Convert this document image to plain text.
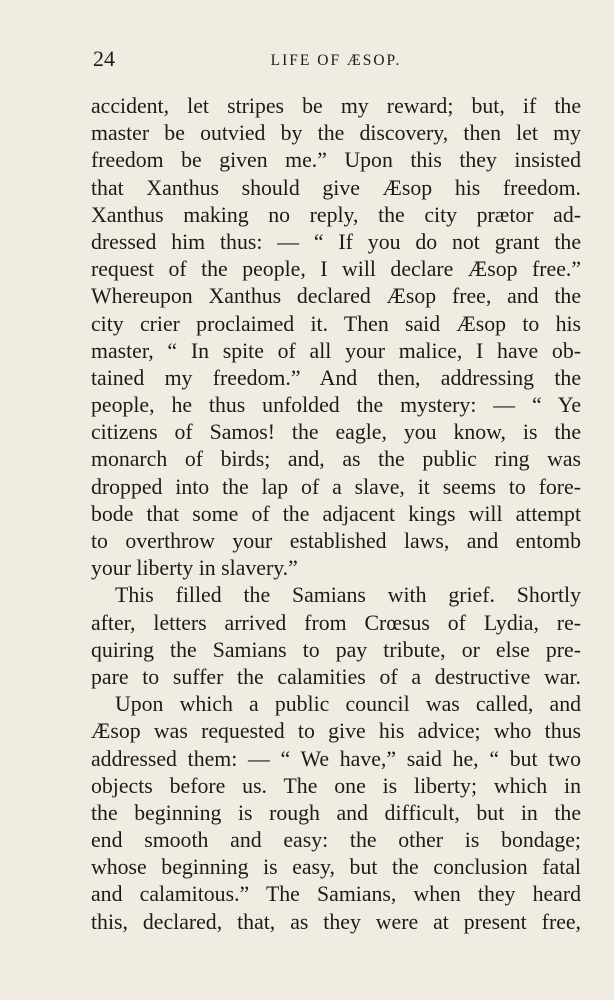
24	LIFE OF ÆSOP.
accident, let stripes be my reward; but, if the
master be outvied by the discovery, then let my
freedom be given me.” Upon this they insisted
that Xanthus should give Æsop his freedom.
Xanthus making no reply, the city prætor ad-
dressed him thus: — “ If you do not grant the
request of the people, I will declare Æsop free.”
Whereupon Xanthus declared Æsop free, and the
city crier proclaimed it. Then said Æsop to his
master, “ In spite of all your malice, I have ob-
tained my freedom.” And then, addressing the
people, he thus unfolded the mystery: — “ Ye
citizens of Samos! the eagle, you know, is the
monarch of birds; and, as the public ring was
dropped into the lap of a slave, it seems to fore-
bode that some of the adjacent kings will attempt
to overthrow your established laws, and entomb
your liberty in slavery.”
This filled the Samians with grief. Shortly
after, letters arrived from Crœsus of Lydia, re-
quiring the Samians to pay tribute, or else pre-
pare to suffer the calamities of a destructive war.
Upon which a public council was called, and
Æsop was requested to give his advice; who thus
addressed them: — “ We have,” said he, “ but two
objects before us. The one is liberty; which in
the beginning is rough and difficult, but in the
end smooth and easy: the other is bondage;
whose beginning is easy, but the conclusion fatal
and calamitous.” The Samians, when they heard
this, declared, that, as they were at present free,
